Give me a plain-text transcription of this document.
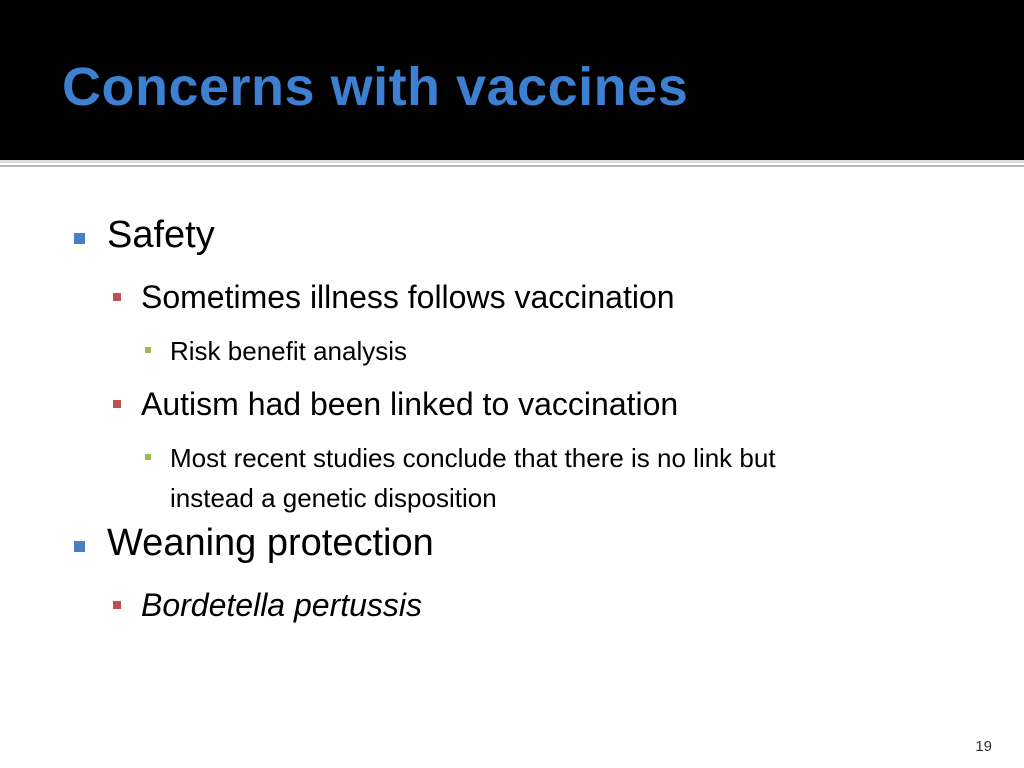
Concerns with vaccines
Safety
Sometimes illness follows vaccination
Risk benefit analysis
Autism had been linked to vaccination
Most recent studies conclude that there is no link but
instead a genetic disposition
Weaning protection
Bordetella pertussis
19
